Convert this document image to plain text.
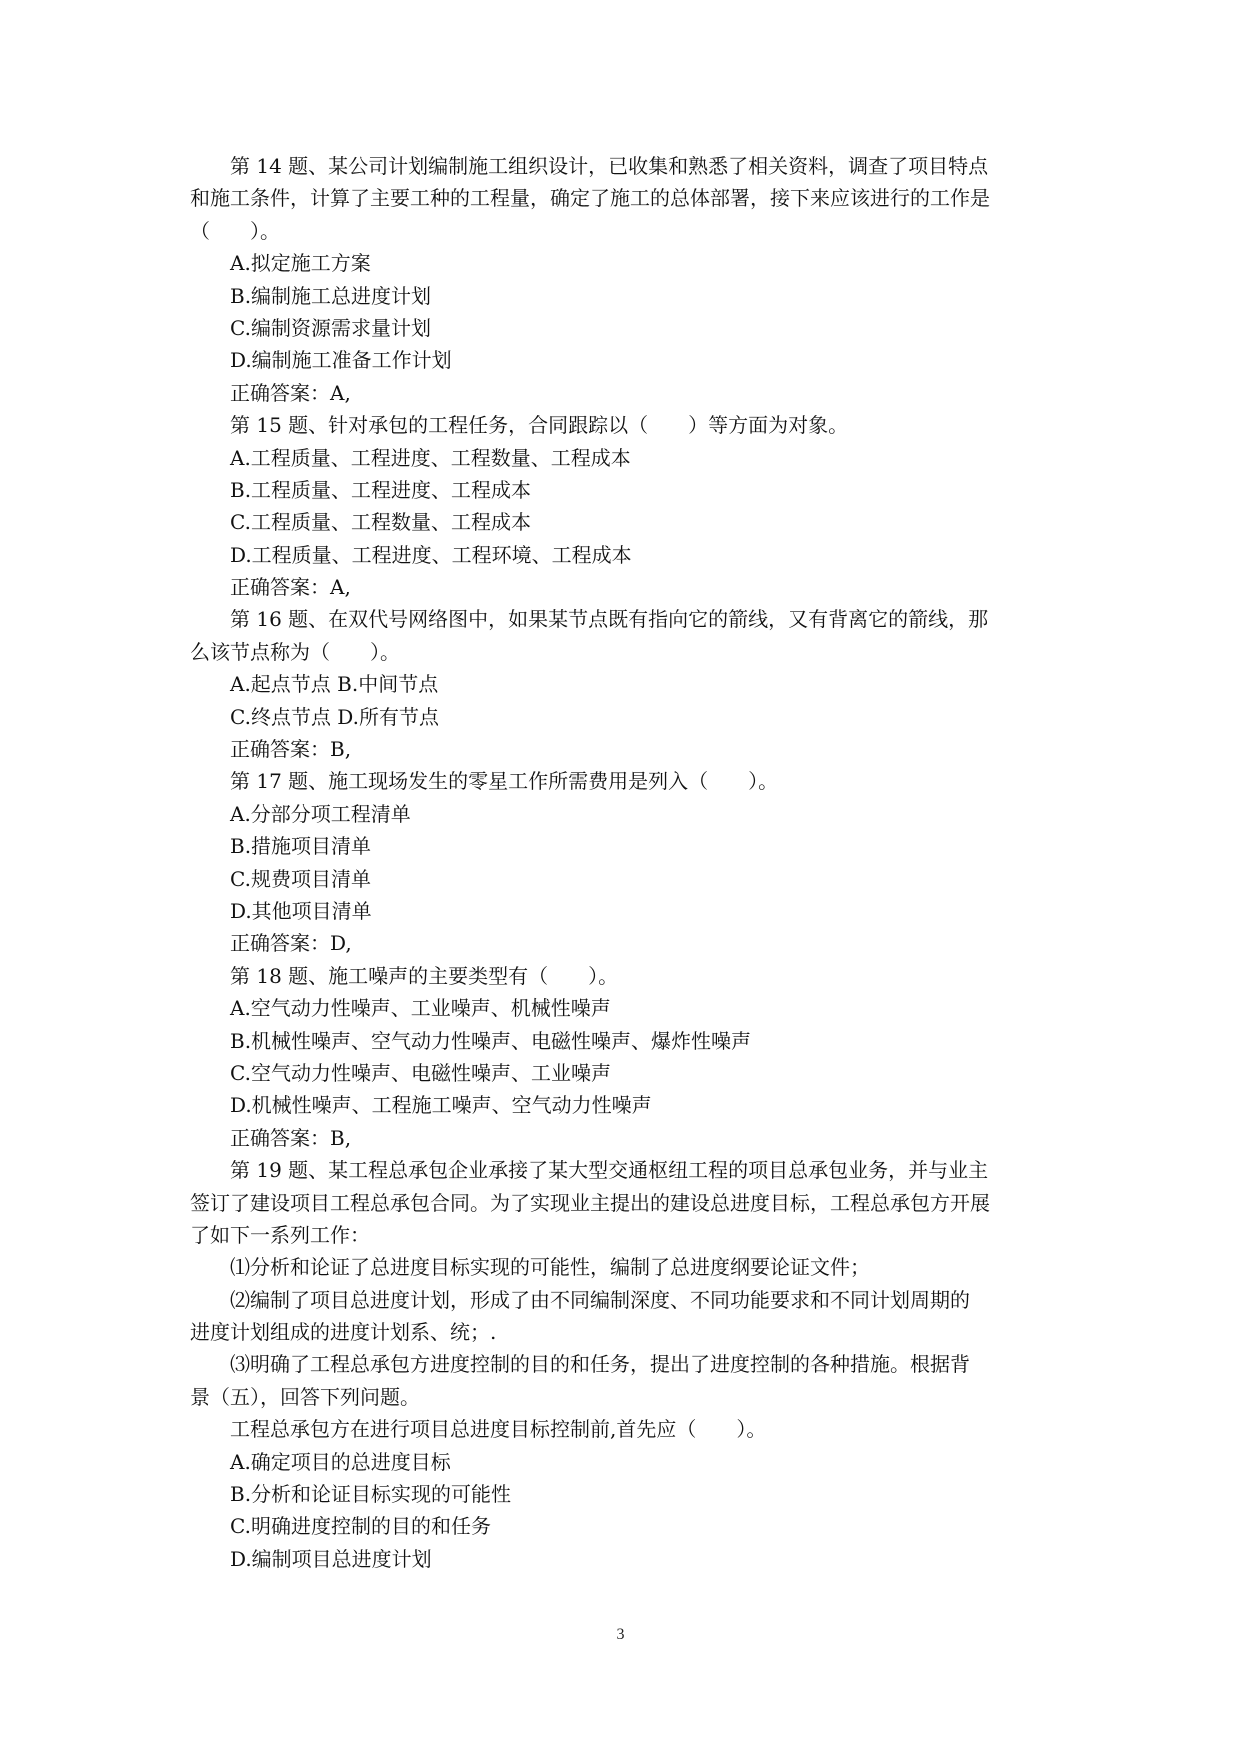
第 14 题、某公司计划编制施工组织设计，已收集和熟悉了相关资料，调查了项目特点
和施工条件，计算了主要工种的工程量，确定了施工的总体部署，接下来应该进行的工作是
（　　）。
A.拟定施工方案
B.编制施工总进度计划
C.编制资源需求量计划
D.编制施工准备工作计划
正确答案：A,
第 15 题、针对承包的工程任务，合同跟踪以（　　）等方面为对象。
A.工程质量、工程进度、工程数量、工程成本
B.工程质量、工程进度、工程成本
C.工程质量、工程数量、工程成本
D.工程质量、工程进度、工程环境、工程成本
正确答案：A,
第 16 题、在双代号网络图中，如果某节点既有指向它的箭线，又有背离它的箭线，那
么该节点称为（　　）。
A.起点节点 B.中间节点
C.终点节点 D.所有节点
正确答案：B,
第 17 题、施工现场发生的零星工作所需费用是列入（　　）。
A.分部分项工程清单
B.措施项目清单
C.规费项目清单
D.其他项目清单
正确答案：D,
第 18 题、施工噪声的主要类型有（　　）。
A.空气动力性噪声、工业噪声、机械性噪声
B.机械性噪声、空气动力性噪声、电磁性噪声、爆炸性噪声
C.空气动力性噪声、电磁性噪声、工业噪声
D.机械性噪声、工程施工噪声、空气动力性噪声
正确答案：B,
第 19 题、某工程总承包企业承接了某大型交通枢纽工程的项目总承包业务，并与业主
签订了建设项目工程总承包合同。为了实现业主提出的建设总进度目标，工程总承包方开展
了如下一系列工作：
⑴分析和论证了总进度目标实现的可能性，编制了总进度纲要论证文件；
⑵编制了项目总进度计划，形成了由不同编制深度、不同功能要求和不同计划周期的
进度计划组成的进度计划系、统；.
⑶明确了工程总承包方进度控制的目的和任务，提出了进度控制的各种措施。根据背
景（五），回答下列问题。
工程总承包方在进行项目总进度目标控制前,首先应（　　）。
A.确定项目的总进度目标
B.分析和论证目标实现的可能性
C.明确进度控制的目的和任务
D.编制项目总进度计划
3
